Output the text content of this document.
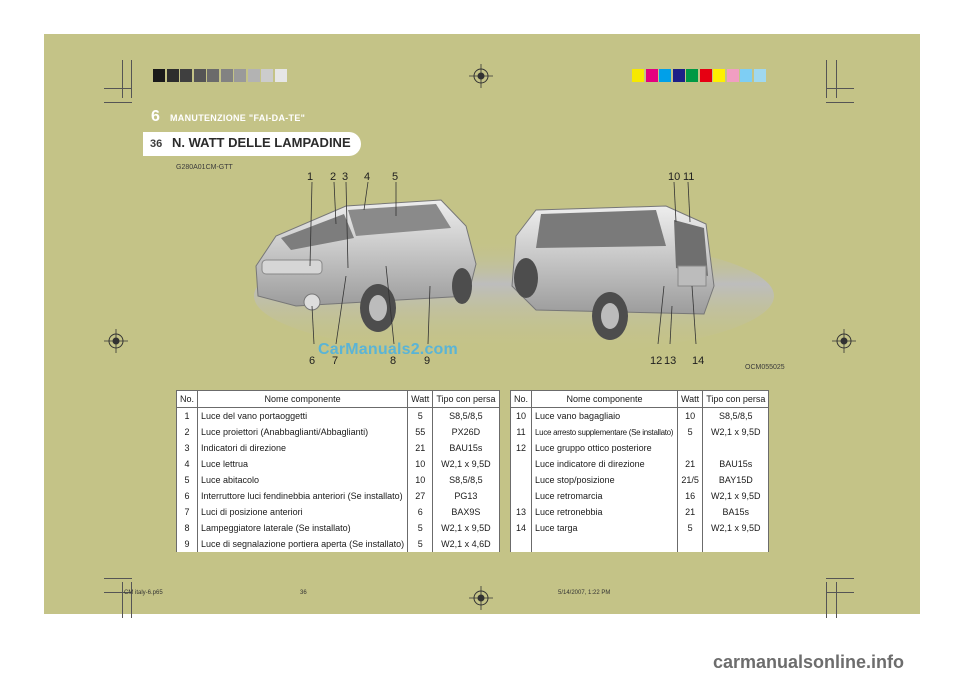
6 MANUTENZIONE "FAI-DA-TE"
36 N. WATT DELLE LAMPADINE
G280A01CM-GTT
OCM055025
1 2 3 4 5
6 7	8	9
10 11
12 13 14
CarManuals2.com
No.	Nome componente	Watt	Tipo con persa
1	Luce del vano portaoggetti	5	S8,5/8,5
2	Luce proiettori (Anabbaglianti/Abbaglianti)	55	PX26D
3	Indicatori di direzione	21	BAU15s
4	Luce lettrua	10	W2,1 x 9,5D
5	Luce abitacolo	10	S8,5/8,5
6	Interruttore luci fendinebbia anteriori (Se installato)	27	PG13
7	Luci di posizione anteriori	6	BAX9S
8	Lampeggiatore laterale (Se installato)	5	W2,1 x 9,5D
9	Luce di segnalazione portiera aperta (Se installato)	5	W2,1 x 4,6D
No.	Nome componente	Watt	Tipo con persa
10	Luce vano bagagliaio	10	S8,5/8,5
11	Luce arresto supplementare (Se installato)	5	W2,1 x 9,5D
12	Luce gruppo ottico posteriore		
	Luce indicatore di direzione	21	BAU15s
	Luce stop/posizione	21/5	BAY15D
	Luce retromarcia	16	W2,1 x 9,5D
13	Luce retronebbia	21	BA15s
14	Luce targa	5	W2,1 x 9,5D

CM italy-6.p65	36	5/14/2007, 1:22 PM
carmanualsonline.info
